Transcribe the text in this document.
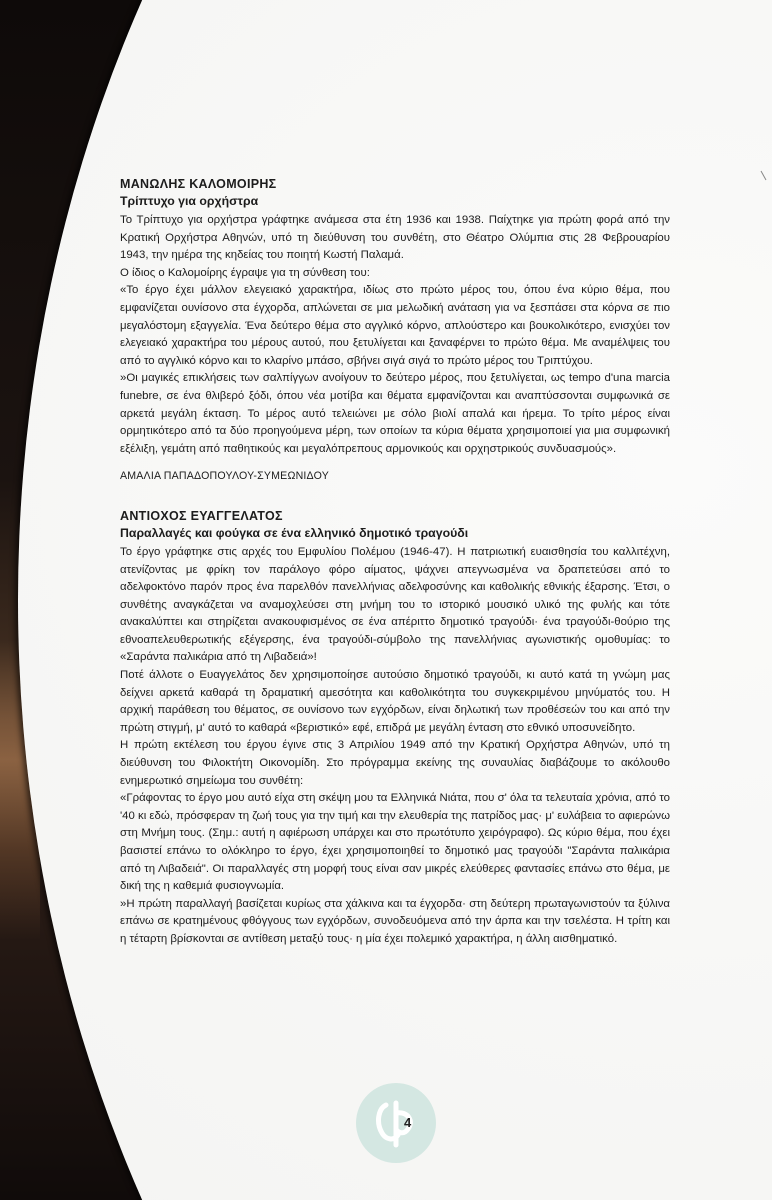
ΜΑΝΩΛΗΣ ΚΑΛΟΜΟΙΡΗΣ
Τρίπτυχο για ορχήστρα

Το Τρίπτυχο για ορχήστρα γράφτηκε ανάμεσα στα έτη 1936 και 1938. Παίχτηκε για πρώτη φορά από την Κρατική Ορχήστρα Αθηνών, υπό τη διεύθυνση του συνθέτη, στο Θέατρο Ολύμπια στις 28 Φεβρουαρίου 1943, την ημέρα της κηδείας του ποιητή Κωστή Παλαμά.

Ο ίδιος ο Καλομοίρης έγραψε για τη σύνθεση του:

«Το έργο έχει μάλλον ελεγειακό χαρακτήρα, ιδίως στο πρώτο μέρος του, όπου ένα κύριο θέμα, που εμφανίζεται ουνίσονο στα έγχορδα, απλώνεται σε μια μελωδική ανάταση για να ξεσπάσει στα κόρνα σε πιο μεγαλόστομη εξαγγελία. Ένα δεύτερο θέμα στο αγγλικό κόρνο, απλούστερο και βουκολικότερο, ενισχύει τον ελεγειακό χαρακτήρα του μέρους αυτού, που ξετυλίγεται και ξαναφέρνει το πρώτο θέμα. Με αναμέλψεις του από το αγγλικό κόρνο και το κλαρίνο μπάσο, σβήνει σιγά σιγά το πρώτο μέρος του Τριπτύχου.

»Οι μαγικές επικλήσεις των σαλπίγγων ανοίγουν το δεύτερο μέρος, που ξετυλίγεται, ως tempo d'una marcia funebre, σε ένα θλιβερό ξόδι, όπου νέα μοτίβα και θέματα εμφανίζονται και αναπτύσσονται συμφωνικά σε αρκετά μεγάλη έκταση. Το μέρος αυτό τελειώνει με σόλο βιολί απαλά και ήρεμα. Το τρίτο μέρος είναι ορμητικότερο από τα δύο προηγούμενα μέρη, των οποίων τα κύρια θέματα χρησιμοποιεί για μια συμφωνική εξέλιξη, γεμάτη από παθητικούς και μεγαλόπρεπους αρμονικούς και ορχηστρικούς συνδυασμούς».

ΑΜΑΛΙΑ ΠΑΠΑΔΟΠΟΥΛΟΥ-ΣΥΜΕΩΝΙΔΟΥ

ΑΝΤΙΟΧΟΣ ΕΥΑΓΓΕΛΑΤΟΣ
Παραλλαγές και φούγκα σε ένα ελληνικό δημοτικό τραγούδι

Το έργο γράφτηκε στις αρχές του Εμφυλίου Πολέμου (1946-47). Η πατριωτική ευαισθησία του καλλιτέχνη, ατενίζοντας με φρίκη τον παράλογο φόρο αίματος, ψάχνει απεγνωσμένα να δραπετεύσει από το αδελφοκτόνο παρόν προς ένα παρελθόν πανελλήνιας αδελφοσύνης και καθολικής εθνικής έξαρσης. Έτσι, ο συνθέτης αναγκάζεται να αναμοχλεύσει στη μνήμη του το ιστορικό μουσικό υλικό της φυλής και τότε ανακαλύπτει και στηρίζεται ανακουφισμένος σε ένα απέριττο δημοτικό τραγούδι· ένα τραγούδι-θούριο της εθνοαπελευθερωτικής εξέγερσης, ένα τραγούδι-σύμβολο της πανελλήνιας αγωνιστικής ομοθυμίας: το «Σαράντα παλικάρια από τη Λιβαδειά»!

Ποτέ άλλοτε ο Ευαγγελάτος δεν χρησιμοποίησε αυτούσιο δημοτικό τραγούδι, κι αυτό κατά τη γνώμη μας δείχνει αρκετά καθαρά τη δραματική αμεσότητα και καθολικότητα του συγκεκριμένου μηνύματός του. Η αρχική παράθεση του θέματος, σε ουνίσονο των εγχόρδων, είναι δηλωτική των προθέσεών του και από την πρώτη στιγμή, μ' αυτό το καθαρά «βεριστικό» εφέ, επιδρά με μεγάλη ένταση στο εθνικό υποσυνείδητο.

Η πρώτη εκτέλεση του έργου έγινε στις 3 Απριλίου 1949 από την Κρατική Ορχήστρα Αθηνών, υπό τη διεύθυνση του Φιλοκτήτη Οικονομίδη. Στο πρόγραμμα εκείνης της συναυλίας διαβάζουμε το ακόλουθο ενημερωτικό σημείωμα του συνθέτη:

«Γράφοντας το έργο μου αυτό είχα στη σκέψη μου τα Ελληνικά Νιάτα, που σ' όλα τα τελευταία χρόνια, από το '40 κι εδώ, πρόσφεραν τη ζωή τους για την τιμή και την ελευθερία της πατρίδος μας· μ' ευλάβεια το αφιερώνω στη Μνήμη τους. (Σημ.: αυτή η αφιέρωση υπάρχει και στο πρωτότυπο χειρόγραφο). Ως κύριο θέμα, που έχει βασιστεί επάνω το ολόκληρο το έργο, έχει χρησιμοποιηθεί το δημοτικό μας τραγούδι "Σαράντα παλικάρια από τη Λιβαδειά". Οι παραλλαγές στη μορφή τους είναι σαν μικρές ελεύθερες φαντασίες επάνω στο θέμα, με δική της η καθεμιά φυσιογνωμία.

»Η πρώτη παραλλαγή βασίζεται κυρίως στα χάλκινα και τα έγχορδα· στη δεύτερη πρωταγωνιστούν τα ξύλινα επάνω σε κρατημένους φθόγγους των εγχόρδων, συνοδευόμενα από την άρπα και την τσελέστα. Η τρίτη και η τέταρτη βρίσκονται σε αντίθεση μεταξύ τους· η μία έχει πολεμικό χαρακτήρα, η άλλη αισθηματικό.

4
